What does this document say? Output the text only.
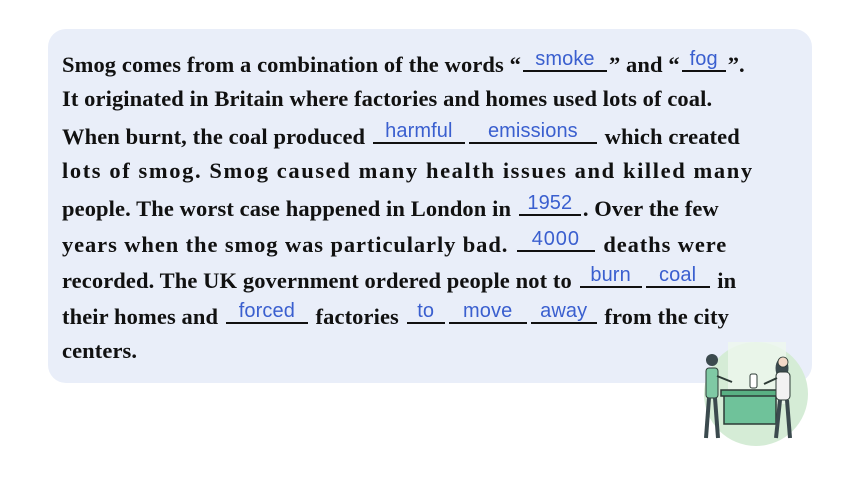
Smog comes from a combination of the words “ smoke ” and “ fog ”.
It originated in Britain where factories and homes used lots of coal.
When burnt, the coal produced harmful	emissions which created
lots of smog. Smog caused many health issues and killed many
people. The worst case happened in London in 1952 . Over the few
years when the smog was particularly bad. 4000 deaths were
recorded. The UK government ordered people not to burn	coal in
their homes and forced factories to	move	away from the city
centers.
